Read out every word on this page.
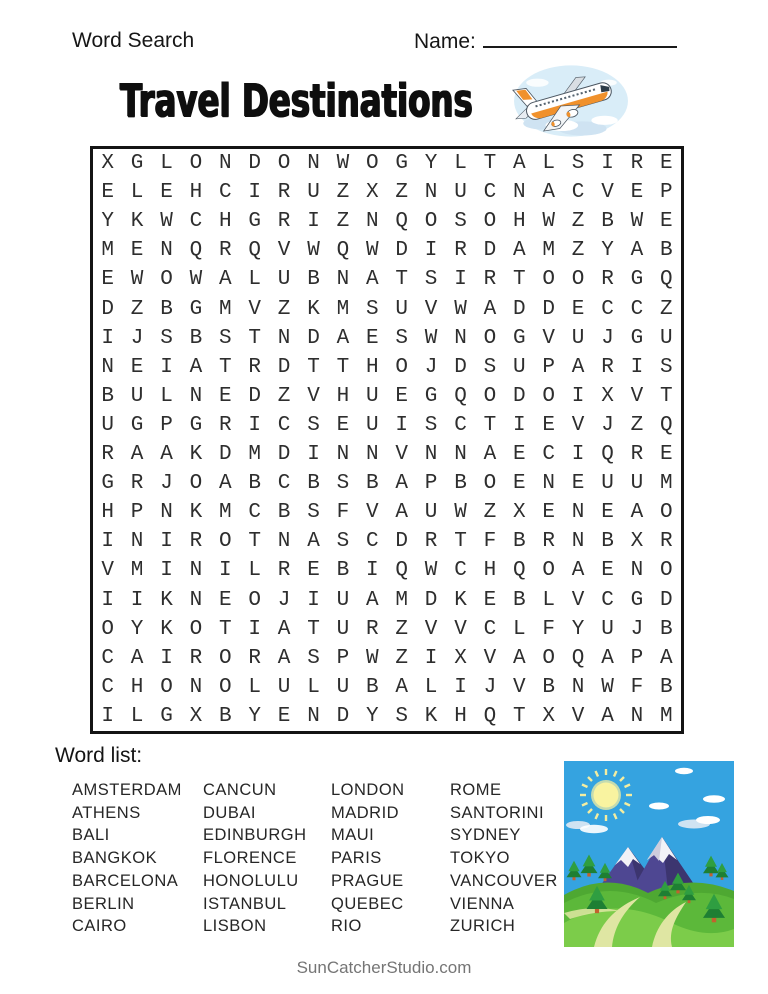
Word Search	Name:
Travel Destinations
X G L O N D O N W O G Y L T A L S I R E
E L E H C I R U Z X Z N U C N A C V E P
Y K W C H G R I Z N Q O S O H W Z B W E
M E N Q R Q V W Q W D I R D A M Z Y A B
E W O W A L U B N A T S I R T O O R G Q
D Z B G M V Z K M S U V W A D D E C C Z
I J S B S T N D A E S W N O G V U J G U
N E I A T R D T T H O J D S U P A R I S
B U L N E D Z V H U E G Q O D O I X V T
U G P G R I C S E U I S C T I E V J Z Q
R A A K D M D I N N V N N A E C I Q R E
G R J O A B C B S B A P B O E N E U U M
H P N K M C B S F V A U W Z X E N E A O
I N I R O T N A S C D R T F B R N B X R
V M I N I L R E B I Q W C H Q O A E N O
I I K N E O J I U A M D K E B L V C G D
O Y K O T I A T U R Z V V C L F Y U J B
C A I R O R A S P W Z I X V A O Q A P A
C H O N O L U L U B A L I J V B N W F B
I L G X B Y E N D Y S K H Q T X V A N M
Word list:
AMSTERDAM
ATHENS
BALI
BANGKOK
BARCELONA
BERLIN
CAIRO
CANCUN
DUBAI
EDINBURGH
FLORENCE
HONOLULU
ISTANBUL
LISBON
LONDON
MADRID
MAUI
PARIS
PRAGUE
QUEBEC
RIO
ROME
SANTORINI
SYDNEY
TOKYO
VANCOUVER
VIENNA
ZURICH
SunCatcherStudio.com
